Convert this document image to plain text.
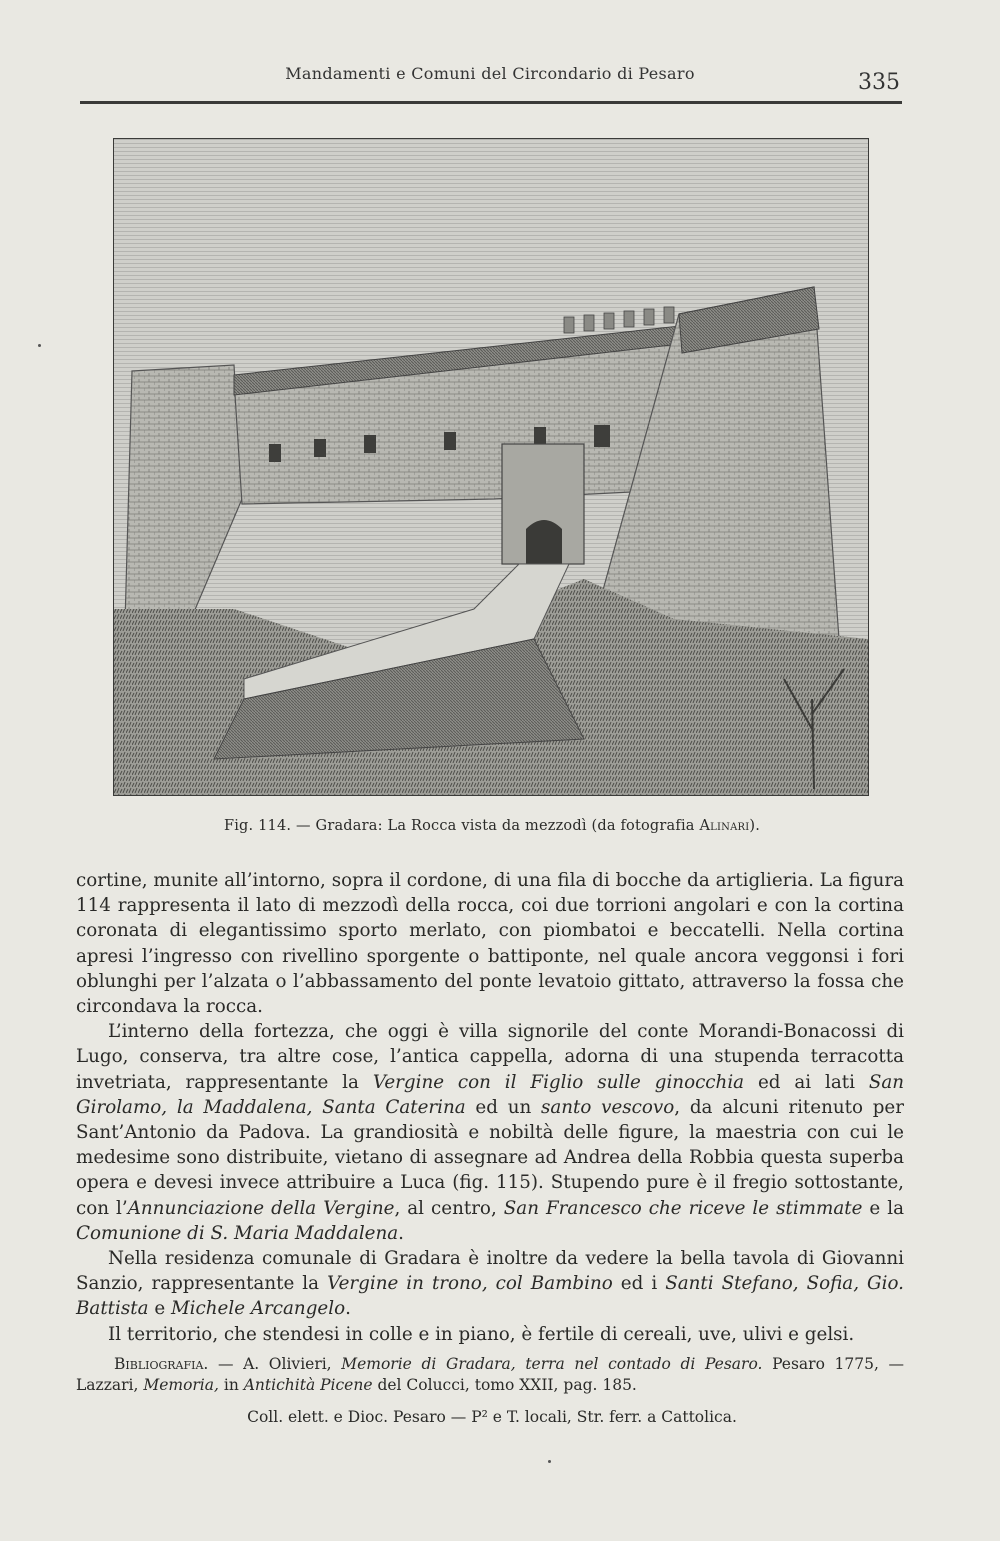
Mandamenti e Comuni del Circondario di Pesaro	335
Fig. 114. — Gradara: La Rocca vista da mezzodì (da fotografia Alinari).

cortine, munite all’intorno, sopra il cordone, di una fila di bocche da artiglieria. La figura 114 rappresenta il lato di mezzodì della rocca, coi due torrioni angolari e con la cortina coronata di elegantissimo sporto merlato, con piombatoi e beccatelli. Nella cortina apresi l’ingresso con rivellino sporgente o battiponte, nel quale ancora veggonsi i fori oblunghi per l’alzata o l’abbassamento del ponte levatoio gittato, attraverso la fossa che circondava la rocca.

L’interno della fortezza, che oggi è villa signorile del conte Morandi-Bonacossi di Lugo, conserva, tra altre cose, l’antica cappella, adorna di una stupenda terracotta invetriata, rappresentante la Vergine con il Figlio sulle ginocchia ed ai lati San Girolamo, la Maddalena, Santa Caterina ed un santo vescovo, da alcuni ritenuto per Sant’Antonio da Padova. La grandiosità e nobiltà delle figure, la maestria con cui le medesime sono distribuite, vietano di assegnare ad Andrea della Robbia questa superba opera e devesi invece attribuire a Luca (fig. 115). Stupendo pure è il fregio sottostante, con l’Annunciazione della Vergine, al centro, San Francesco che riceve le stimmate e la Comunione di S. Maria Maddalena.

Nella residenza comunale di Gradara è inoltre da vedere la bella tavola di Giovanni Sanzio, rappresentante la Vergine in trono, col Bambino ed i Santi Stefano, Sofia, Gio. Battista e Michele Arcangelo.

Il territorio, che stendesi in colle e in piano, è fertile di cereali, uve, ulivi e gelsi.

Bibliografia. — A. Olivieri, Memorie di Gradara, terra nel contado di Pesaro. Pesaro 1775, — Lazzari, Memoria, in Antichità Picene del Colucci, tomo XXII, pag. 185.

Coll. elett. e Dioc. Pesaro — P² e T. locali, Str. ferr. a Cattolica.
